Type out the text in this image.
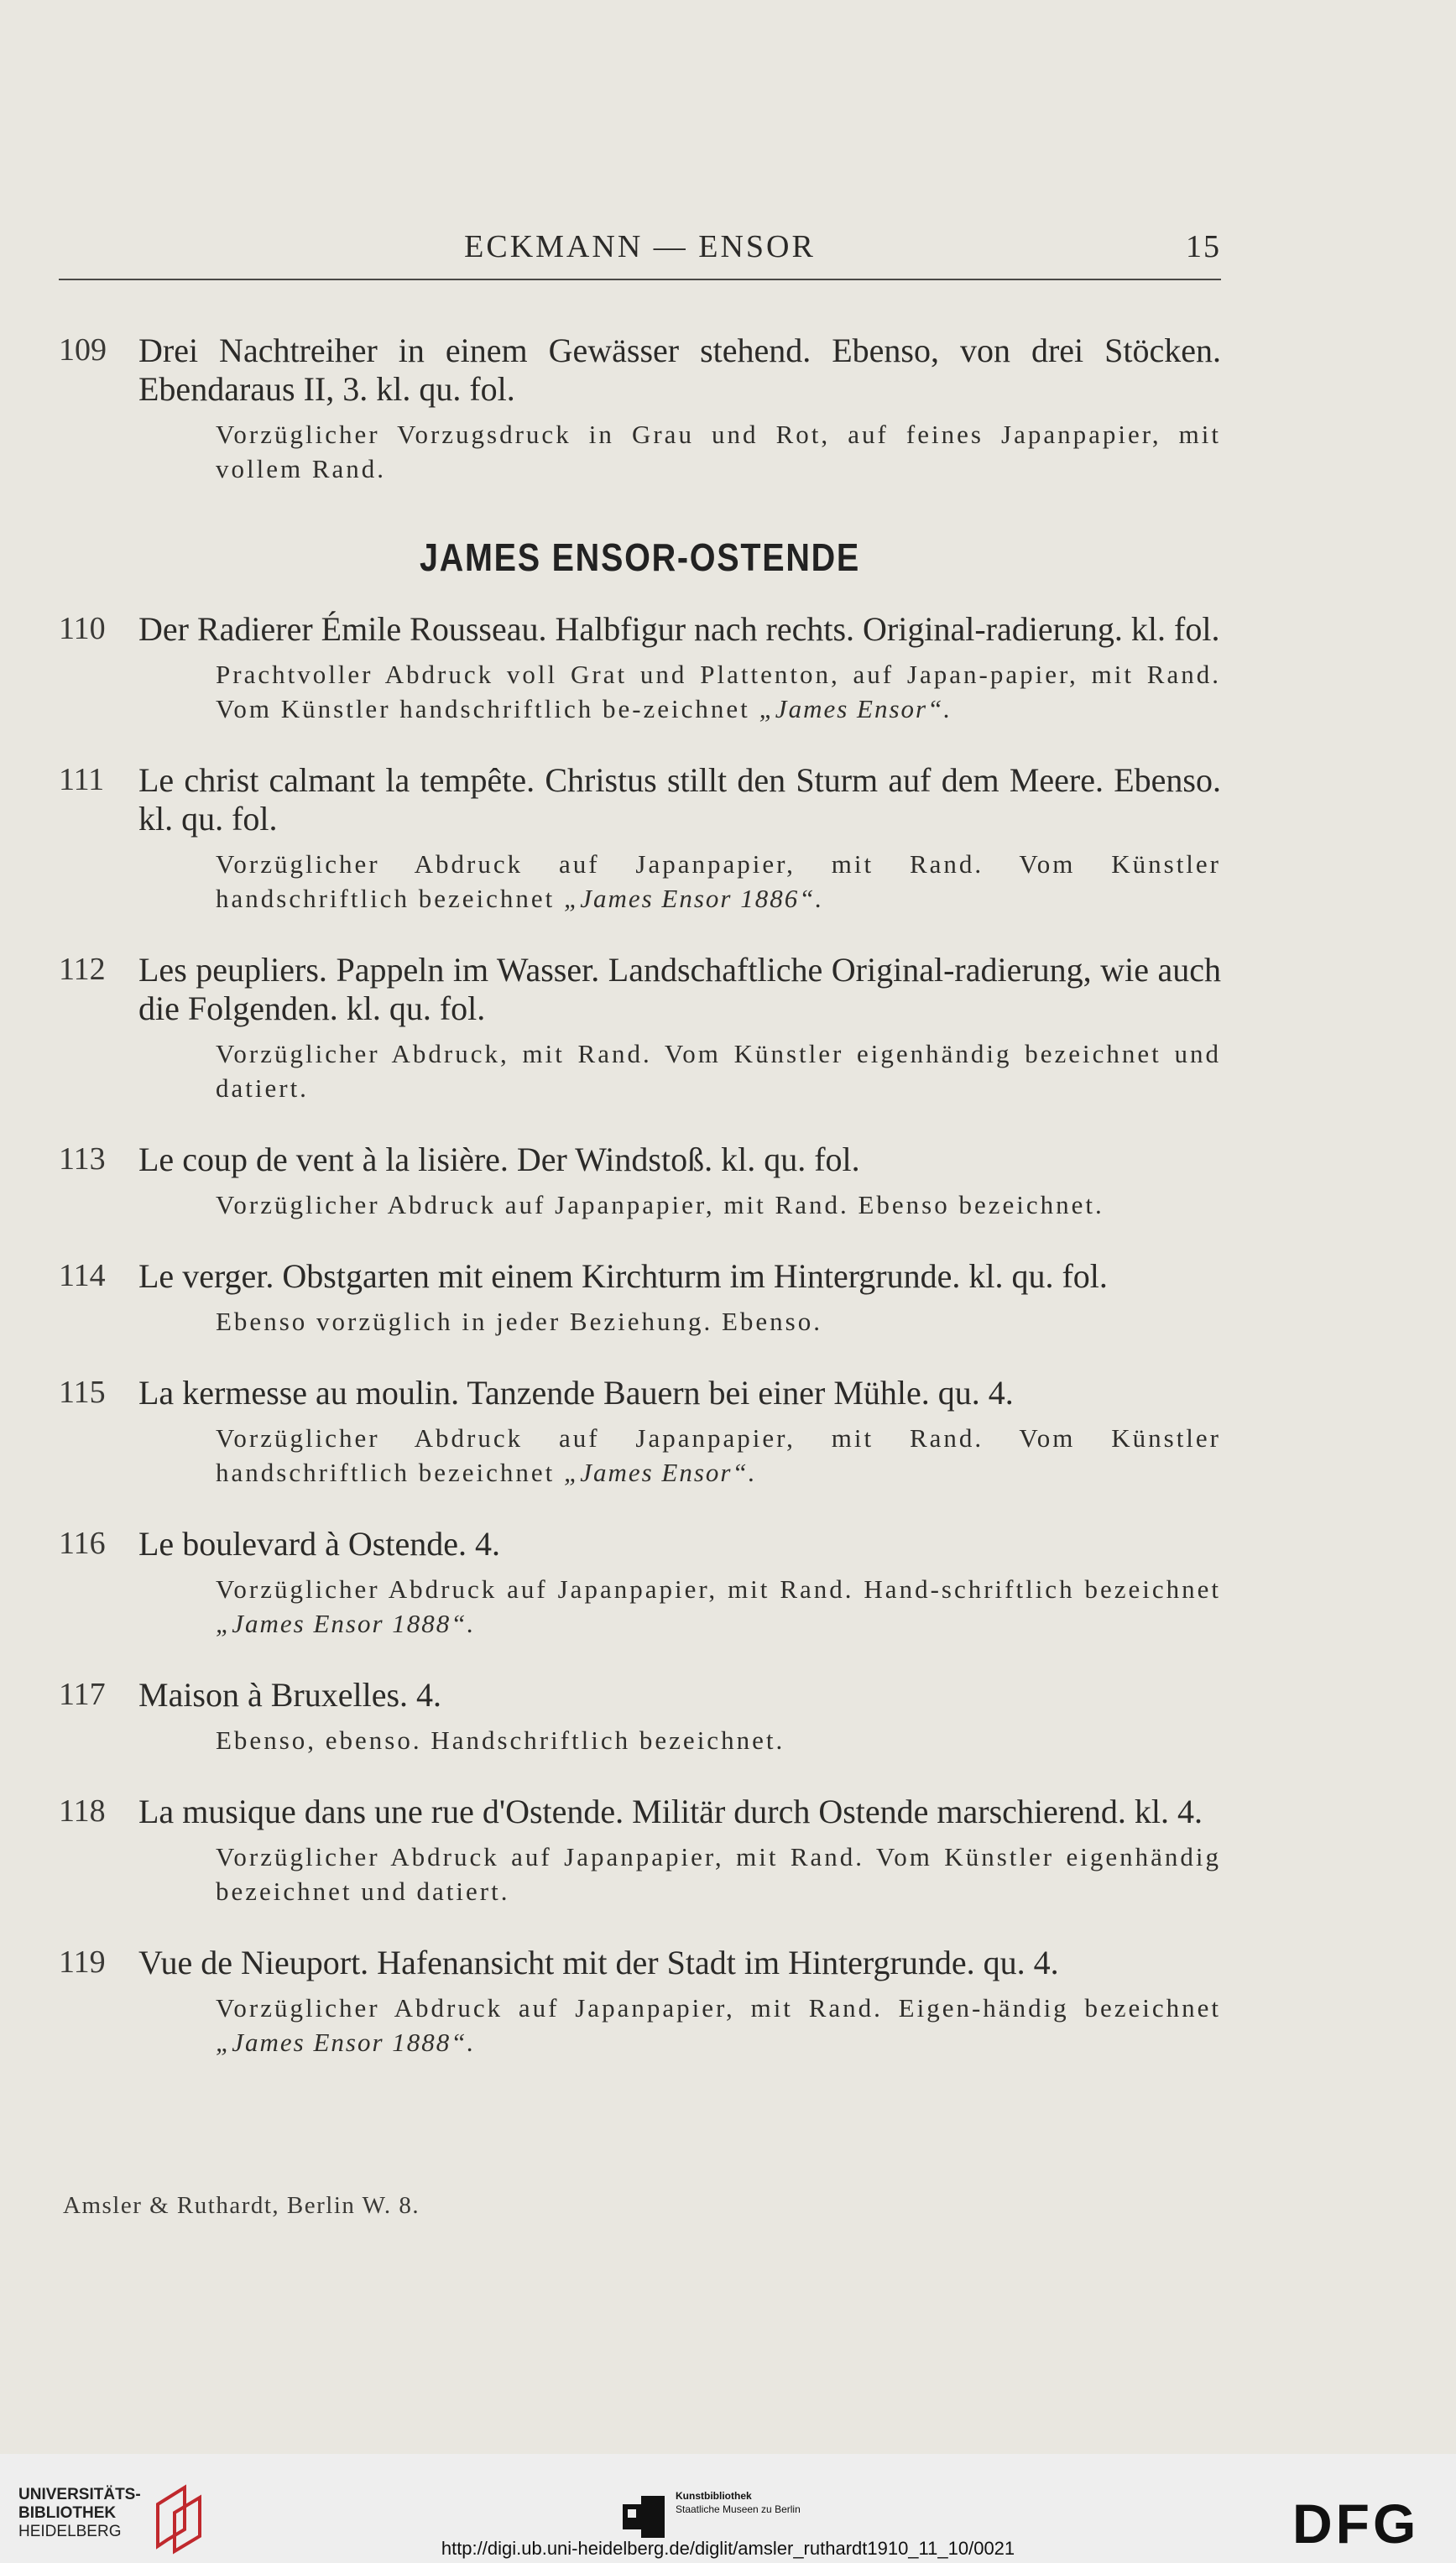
ECKMANN — ENSOR	15
109 Drei Nachtreiher in einem Gewässer stehend. Ebenso, von drei Stöcken. Ebendaraus II, 3. kl. qu. fol.
Vorzüglicher Vorzugsdruck in Grau und Rot, auf feines Japanpapier, mit vollem Rand.
JAMES ENSOR-OSTENDE
110 Der Radierer Émile Rousseau. Halbfigur nach rechts. Original-radierung. kl. fol.
Prachtvoller Abdruck voll Grat und Plattenton, auf Japan-papier, mit Rand. Vom Künstler handschriftlich be-zeichnet „James Ensor“.
111 Le christ calmant la tempête. Christus stillt den Sturm auf dem Meere. Ebenso. kl. qu. fol.
Vorzüglicher Abdruck auf Japanpapier, mit Rand. Vom Künstler handschriftlich bezeichnet „James Ensor 1886“.
112 Les peupliers. Pappeln im Wasser. Landschaftliche Original-radierung, wie auch die Folgenden. kl. qu. fol.
Vorzüglicher Abdruck, mit Rand. Vom Künstler eigenhändig bezeichnet und datiert.
113 Le coup de vent à la lisière. Der Windstoß. kl. qu. fol.
Vorzüglicher Abdruck auf Japanpapier, mit Rand. Ebenso bezeichnet.
114 Le verger. Obstgarten mit einem Kirchturm im Hintergrunde. kl. qu. fol.
Ebenso vorzüglich in jeder Beziehung. Ebenso.
115 La kermesse au moulin. Tanzende Bauern bei einer Mühle. qu. 4.
Vorzüglicher Abdruck auf Japanpapier, mit Rand. Vom Künstler handschriftlich bezeichnet „James Ensor“.
116 Le boulevard à Ostende. 4.
Vorzüglicher Abdruck auf Japanpapier, mit Rand. Hand-schriftlich bezeichnet „James Ensor 1888“.
117 Maison à Bruxelles. 4.
Ebenso, ebenso. Handschriftlich bezeichnet.
118 La musique dans une rue d'Ostende. Militär durch Ostende marschierend. kl. 4.
Vorzüglicher Abdruck auf Japanpapier, mit Rand. Vom Künstler eigenhändig bezeichnet und datiert.
119 Vue de Nieuport. Hafenansicht mit der Stadt im Hintergrunde. qu. 4.
Vorzüglicher Abdruck auf Japanpapier, mit Rand. Eigen-händig bezeichnet „James Ensor 1888“.
Amsler & Ruthardt, Berlin W. 8.
UNIVERSITÄTS-
BIBLIOTHEK
HEIDELBERG
Kunstbibliothek
Staatliche Museen zu Berlin	DFG
http://digi.ub.uni-heidelberg.de/diglit/amsler_ruthardt1910_11_10/0021
